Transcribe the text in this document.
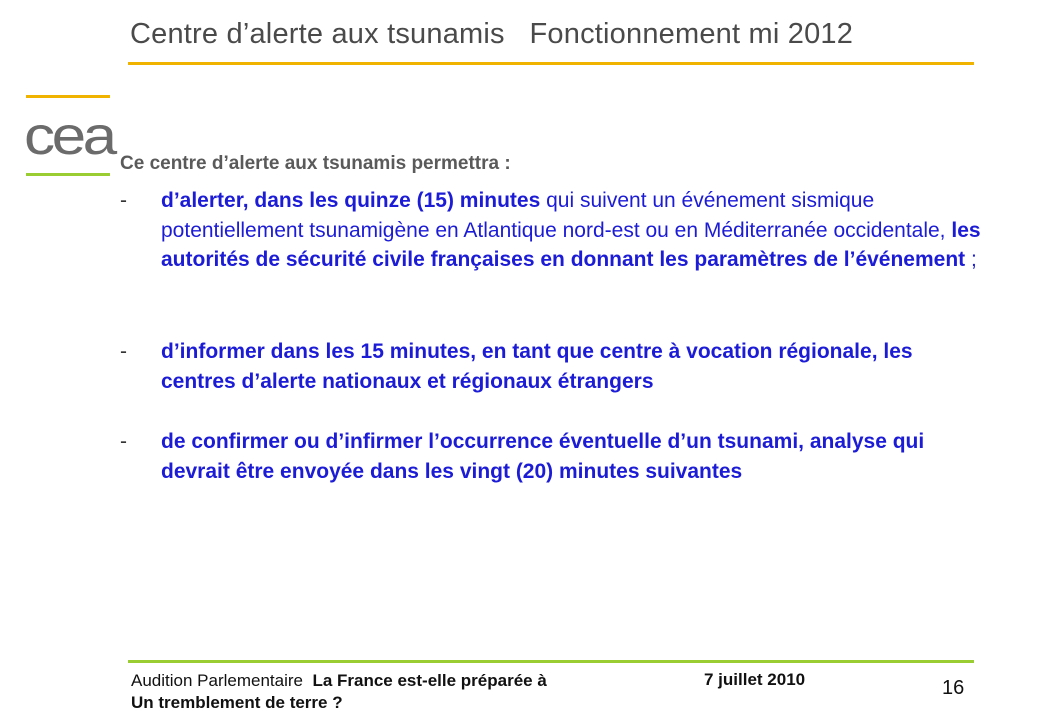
Centre d’alerte aux tsunamis   Fonctionnement mi 2012
cea Ce centre d’alerte aux tsunamis permettra :
- d’alerter, dans les quinze (15) minutes qui suivent un événement sismique potentiellement tsunamigène en Atlantique nord-est ou en Méditerranée occidentale, les autorités de sécurité civile françaises en donnant les paramètres de l’événement ;
- d’informer dans les 15 minutes, en tant que centre à vocation régionale, les centres d’alerte nationaux et régionaux étrangers
- de confirmer ou d’infirmer l’occurrence éventuelle d’un tsunami, analyse qui devrait être envoyée dans les vingt (20) minutes suivantes
Audition Parlementaire La France est-elle préparée à
Un tremblement de terre ?
7 juillet 2010	16
